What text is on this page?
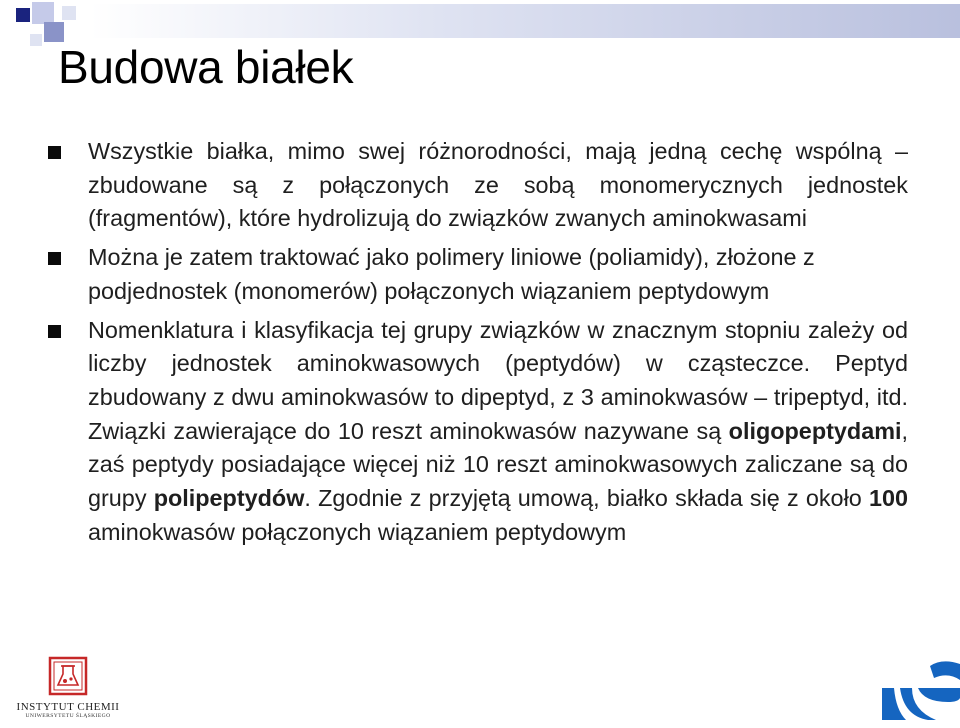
Budowa białek
Wszystkie białka, mimo swej różnorodności, mają jedną cechę wspólną – zbudowane są z połączonych ze sobą monomerycznych jednostek (fragmentów), które hydrolizują do związków zwanych aminokwasami
Można je zatem traktować jako polimery liniowe (poliamidy), złożone z podjednostek (monomerów) połączonych wiązaniem peptydowym
Nomenklatura i klasyfikacja tej grupy związków w znacznym stopniu zależy od liczby jednostek aminokwasowych (peptydów) w cząsteczce. Peptyd zbudowany z dwu aminokwasów to dipeptyd, z 3 aminokwasów – tripeptyd, itd. Związki zawierające do 10 reszt aminokwasów nazywane są oligopeptydami, zaś peptydy posiadające więcej niż 10 reszt aminokwasowych zaliczane są do grupy polipeptydów. Zgodnie z przyjętą umową, białko składa się z około 100 aminokwasów połączonych wiązaniem peptydowym
INSTYTUT CHEMII
UNIWERSYTETU ŚLĄSKIEGO
